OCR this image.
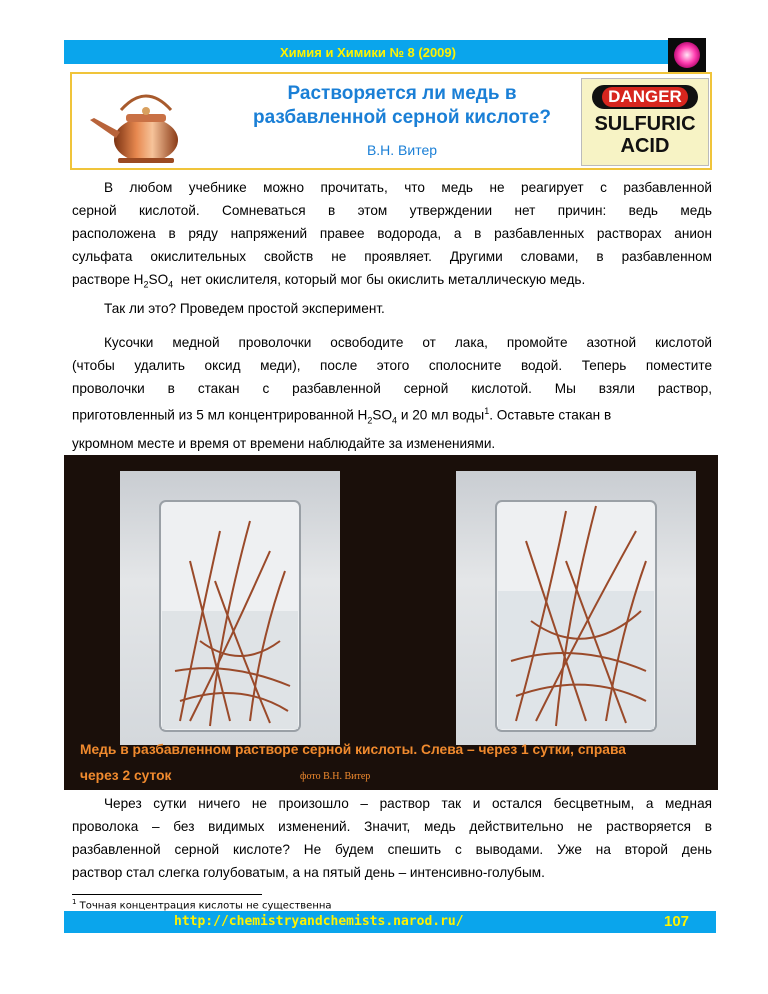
Химия и Химики № 8 (2009)
Растворяется ли медь в
разбавленной серной кислоте?
В.Н. Витер
DANGER
SULFURIC
ACID

В любом учебнике можно прочитать, что медь не реагирует с разбавленной

серной кислотой. Сомневаться в этом утверждении нет причин: ведь медь
расположена в ряду напряжений правее водорода, а в разбавленных растворах анион
сульфата окислительных свойств не проявляет. Другими словами, в разбавленном
растворе $H_2SO_4$ нет окислителя, который мог бы окислить металлическую медь.

Так ли это? Проведем простой эксперимент.

Кусочки медной проволочки освободите от лака, промойте азотной кислотой

(чтобы удалить оксид меди), после этого сполосните водой. Теперь поместите
проволочки в стакан с разбавленной серной кислотой. Мы взяли раствор,
приготовленный из 5 мл концентрированной $H_2SO_4$ и 20 мл воды$^1$. Оставьте стакан в
укромном месте и время от времени наблюдайте за изменениями.
Медь в разбавленном растворе серной кислоты. Слева – через 1 сутки, справа
через 2 суток	фото В.Н. Витер

Через сутки ничего не произошло – раствор так и остался бесцветным, а медная

проволока – без видимых изменений. Значит, медь действительно не растворяется в
разбавленной серной кислоте? Не будем спешить с выводами. Уже на второй день
раствор стал слегка голубоватым, а на пятый день – интенсивно-голубым.
$^1$ Точная концентрация кислоты не существенна
http://chemistryandchemists.narod.ru/	107
